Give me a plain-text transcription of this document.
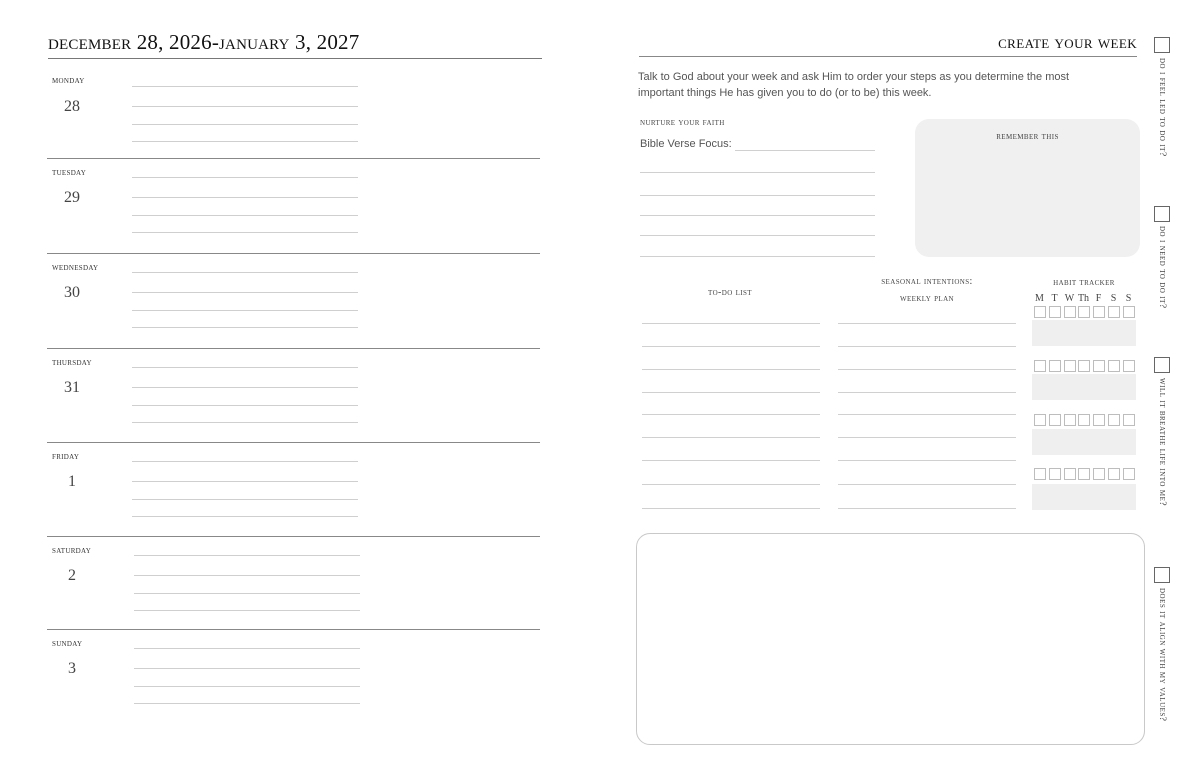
december 28, 2026-january 3, 2027
monday
28
tuesday
29
wednesday
30
thursday
31
friday
1
saturday
2
sunday
3
create your week
Talk to God about your week and ask Him to order your steps as you determine the most important things He has given you to do (or to be) this week.
nurture your faith
Bible Verse Focus:
remember this
to-do list
seasonal intentions:
weekly plan
habit tracker
M T W Th F S S
do i feel led to do it?
do i need to do it?
will it breathe life into me?
does it align with my values?
